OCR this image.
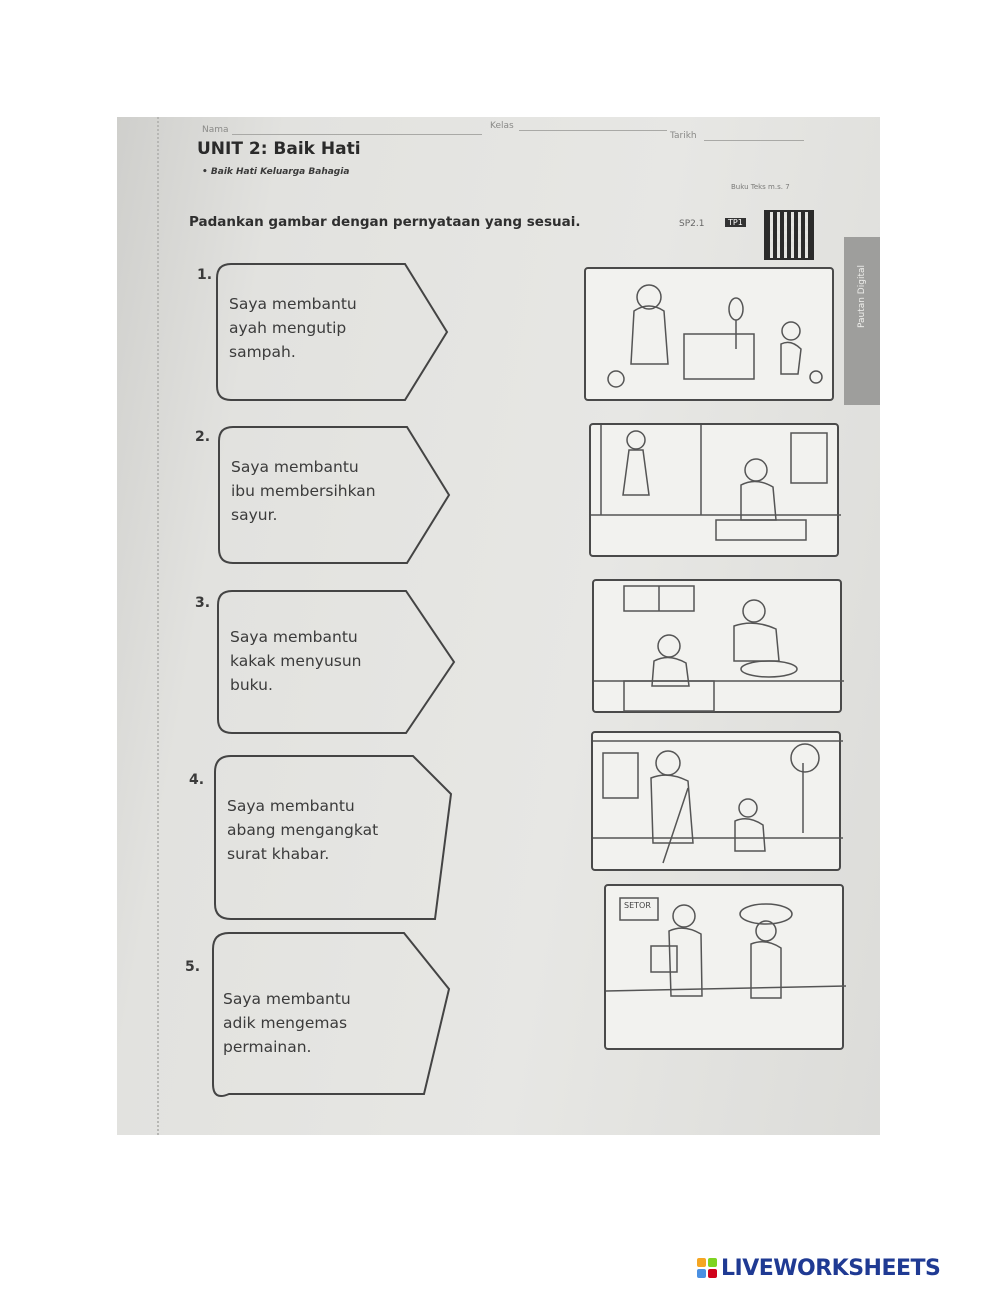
Nama	Kelas
Tarikh
UNIT 2: Baik Hati
• Baik Hati Keluarga Bahagia
Buku Teks m.s. 7
Padankan gambar dengan pernyataan yang sesuai.	SP2.1	TP1
Pautan Digital
1.
Saya membantu
ayah mengutip
sampah.
2.
Saya membantu
ibu membersihkan
sayur.
3.
Saya membantu
kakak menyusun
buku.
4.
Saya membantu
abang mengangkat
surat khabar.
5.
Saya membantu
adik mengemas
permainan.
SETOR
LIVEWORKSHEETS
